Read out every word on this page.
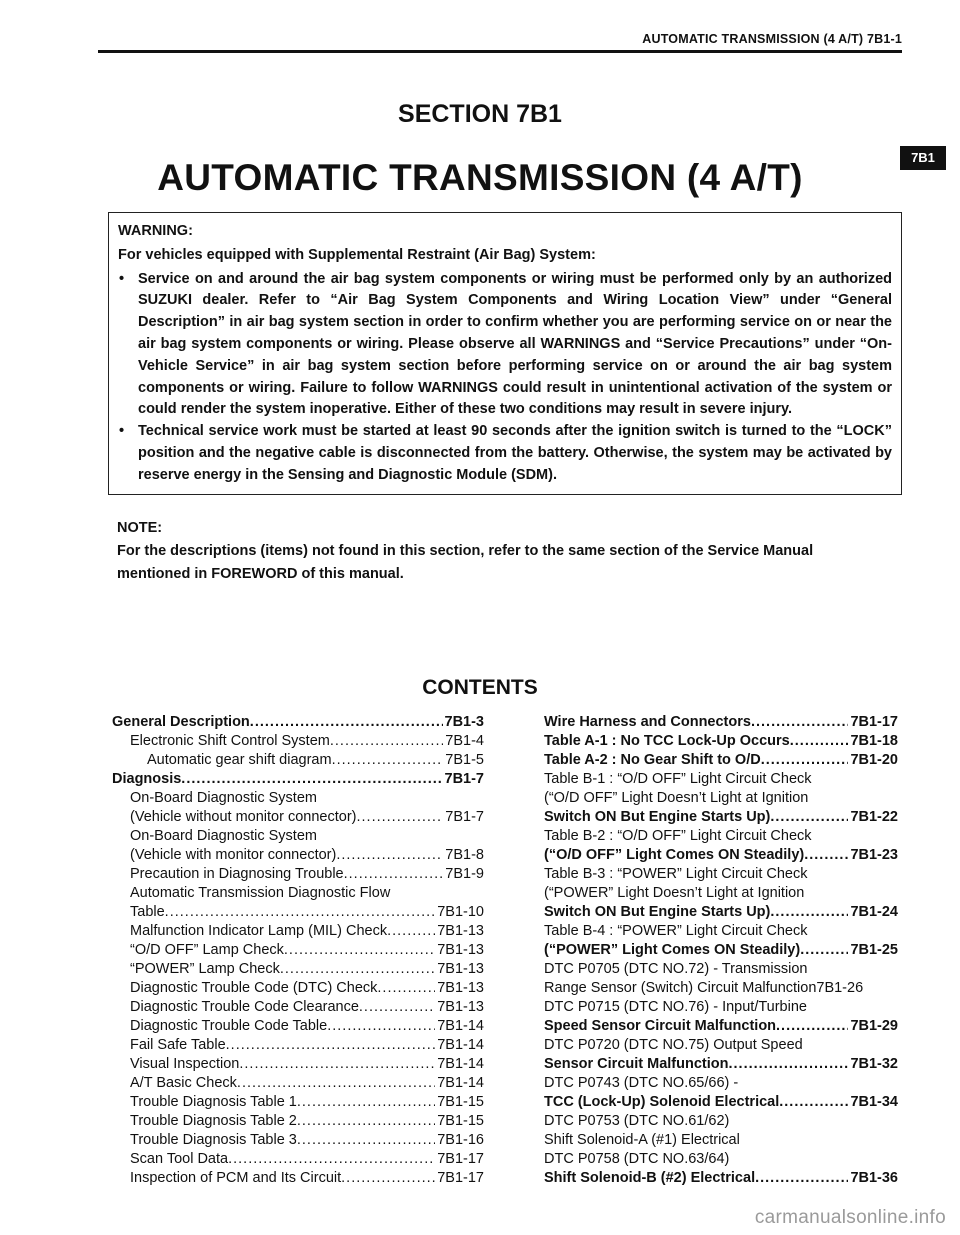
AUTOMATIC TRANSMISSION (4 A/T) 7B1-1
7B1
SECTION 7B1
AUTOMATIC TRANSMISSION (4 A/T)

WARNING:

For vehicles equipped with Supplemental Restraint (Air Bag) System:

• Service on and around the air bag system components or wiring must be performed only by an authorized SUZUKI dealer. Refer to “Air Bag System Components and Wiring Location View” under “General Description” in air bag system section in order to confirm whether you are performing service on or near the air bag system components or wiring. Please observe all WARNINGS and “Service Precautions” under “On-Vehicle Service” in air bag system section before performing service on or around the air bag system components or wiring. Failure to follow WARNINGS could result in unintentional activation of the system or could render the system inoperative. Either of these two conditions may result in severe injury.
• Technical service work must be started at least 90 seconds after the ignition switch is turned to the “LOCK” position and the negative cable is disconnected from the battery. Otherwise, the system may be activated by reserve energy in the Sensing and Diagnostic Module (SDM).

NOTE:

For the descriptions (items) not found in this section, refer to the same section of the Service Manual mentioned in FOREWORD of this manual.

CONTENTS
General Description .....	7B1-3
Electronic Shift Control System .....	7B1-4
Automatic gear shift diagram .....	7B1-5
Diagnosis .....	7B1-7
On-Board Diagnostic System
(Vehicle without monitor connector) .....	7B1-7
On-Board Diagnostic System
(Vehicle with monitor connector) .....	7B1-8
Precaution in Diagnosing Trouble .....	7B1-9
Automatic Transmission Diagnostic Flow
Table .....	7B1-10
Malfunction Indicator Lamp (MIL) Check .....	7B1-13
“O/D OFF” Lamp Check .....	7B1-13
“POWER” Lamp Check .....	7B1-13
Diagnostic Trouble Code (DTC) Check .....	7B1-13
Diagnostic Trouble Code Clearance .....	7B1-13
Diagnostic Trouble Code Table .....	7B1-14
Fail Safe Table .....	7B1-14
Visual Inspection .....	7B1-14
A/T Basic Check .....	7B1-14
Trouble Diagnosis Table 1 .....	7B1-15
Trouble Diagnosis Table 2 .....	7B1-15
Trouble Diagnosis Table 3 .....	7B1-16
Scan Tool Data .....	7B1-17
Inspection of PCM and Its Circuit .....	7B1-17
Wire Harness and Connectors .....	7B1-17
Table A-1 : No TCC Lock-Up Occurs .....	7B1-18
Table A-2 : No Gear Shift to O/D .....	7B1-20
Table B-1 : “O/D OFF” Light Circuit Check
(“O/D OFF” Light Doesn’t Light at Ignition
Switch ON But Engine Starts Up) .....	7B1-22
Table B-2 : “O/D OFF” Light Circuit Check
(“O/D OFF” Light Comes ON Steadily) .....	7B1-23
Table B-3 : “POWER” Light Circuit Check
(“POWER” Light Doesn’t Light at Ignition
Switch ON But Engine Starts Up) .....	7B1-24
Table B-4 : “POWER” Light Circuit Check
(“POWER” Light Comes ON Steadily) .....	7B1-25
DTC P0705 (DTC NO.72) - Transmission
Range Sensor (Switch) Circuit Malfunction7B1-26
DTC P0715 (DTC NO.76) - Input/Turbine
Speed Sensor Circuit Malfunction .....	7B1-29
DTC P0720 (DTC NO.75) Output Speed
Sensor Circuit Malfunction .....	7B1-32
DTC P0743 (DTC NO.65/66) -
TCC (Lock-Up) Solenoid Electrical .....	7B1-34
DTC P0753 (DTC NO.61/62)
Shift Solenoid-A (#1) Electrical
DTC P0758 (DTC NO.63/64)
Shift Solenoid-B (#2) Electrical .....	7B1-36
carmanualsonline.info
